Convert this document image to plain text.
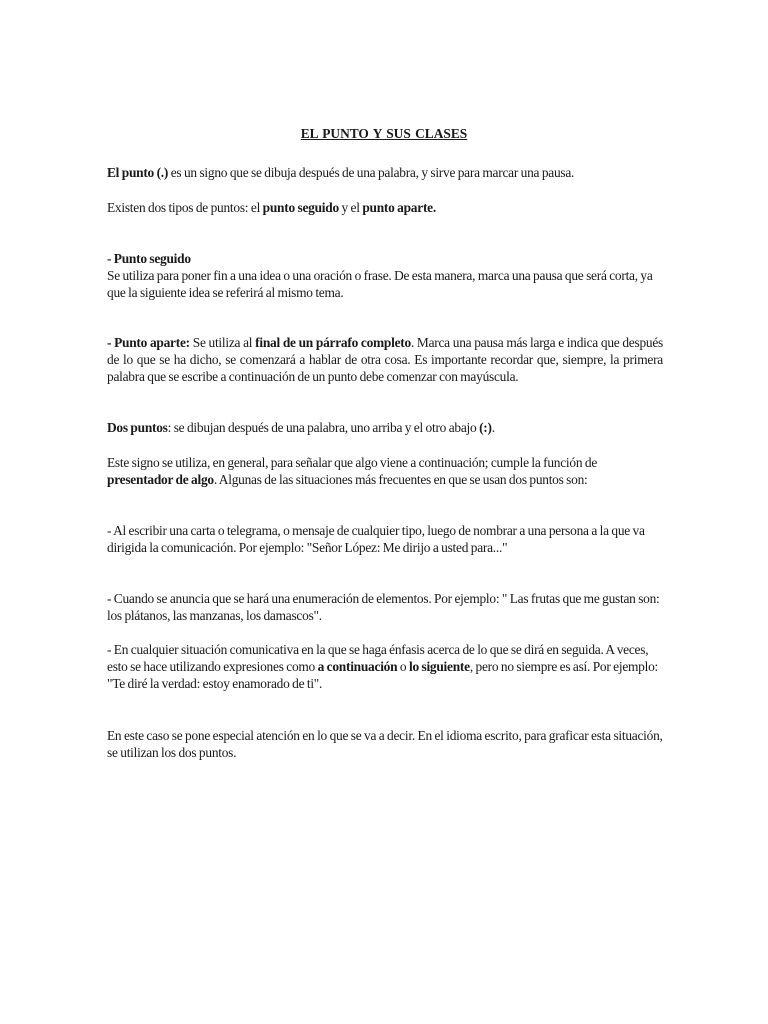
EL PUNTO Y SUS CLASES

El punto (.) es un signo que se dibuja después de una palabra, y sirve para marcar una pausa.

Existen dos tipos de puntos: el punto seguido y el punto aparte.

- Punto seguido
Se utiliza para poner fin a una idea o una oración o frase. De esta manera, marca una pausa que será corta, ya que la siguiente idea se referirá al mismo tema.

- Punto aparte: Se utiliza al final de un párrafo completo. Marca una pausa más larga e indica que después de lo que se ha dicho, se comenzará a hablar de otra cosa. Es importante recordar que, siempre, la primera palabra que se escribe a continuación de un punto debe comenzar con mayúscula.

Dos puntos: se dibujan después de una palabra, uno arriba y el otro abajo (:).

Este signo se utiliza, en general, para señalar que algo viene a continuación; cumple la función de presentador de algo. Algunas de las situaciones más frecuentes en que se usan dos puntos son:

- Al escribir una carta o telegrama, o mensaje de cualquier tipo, luego de nombrar a una persona a la que va dirigida la comunicación. Por ejemplo: "Señor López: Me dirijo a usted para..."

- Cuando se anuncia que se hará una enumeración de elementos. Por ejemplo: " Las frutas que me gustan son: los plátanos, las manzanas, los damascos".

- En cualquier situación comunicativa en la que se haga énfasis acerca de lo que se dirá en seguida. A veces, esto se hace utilizando expresiones como a continuación o lo siguiente, pero no siempre es así. Por ejemplo: "Te diré la verdad: estoy enamorado de ti".

En este caso se pone especial atención en lo que se va a decir. En el idioma escrito, para graficar esta situación, se utilizan los dos puntos.
